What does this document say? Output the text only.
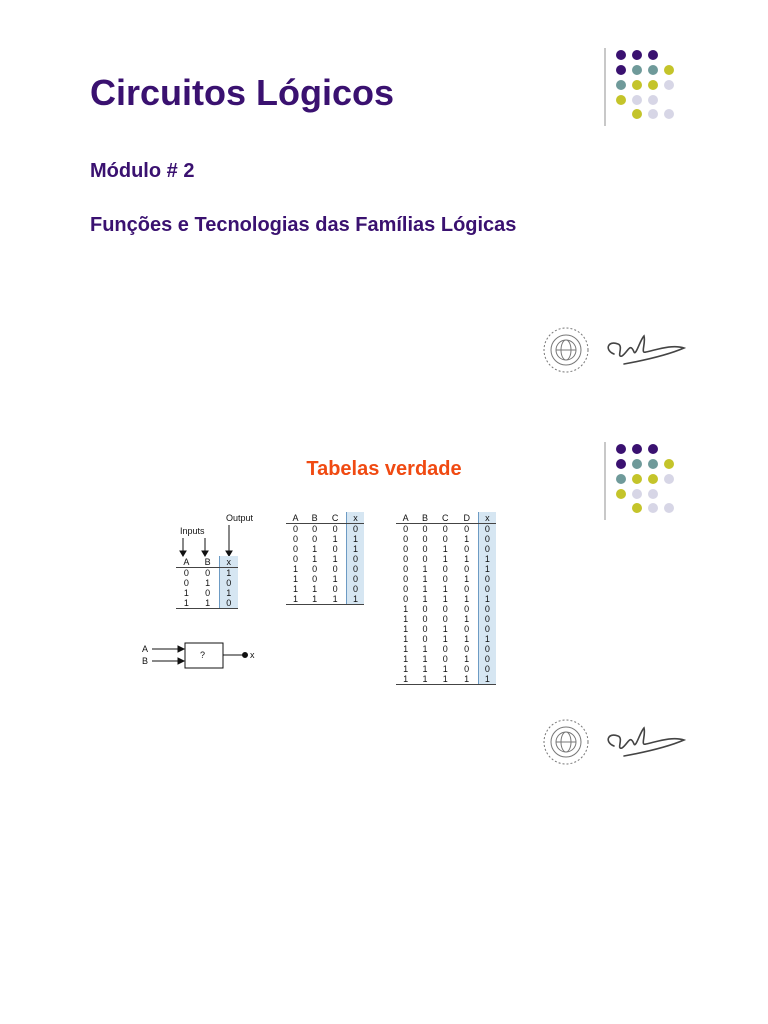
Circuitos Lógicos
Módulo # 2
Funções e Tecnologias das Famílias Lógicas
Tabelas verdade
Inputs
Output
A	B	x
0	0	1
0	1	0
1	0	1
1	1	0
A	B	C	x
0	0	0	0
0	0	1	1
0	1	0	1
0	1	1	0
1	0	0	0
1	0	1	0
1	1	0	0
1	1	1	1
A	B	C	D	x
0	0	0	0	0
0	0	0	1	0
0	0	1	0	0
0	0	1	1	1
0	1	0	0	1
0	1	0	1	0
0	1	1	0	0
0	1	1	1	1
1	0	0	0	0
1	0	0	1	0
1	0	1	0	0
1	0	1	1	1
1	1	0	0	0
1	1	0	1	0
1	1	1	0	0
1	1	1	1	1
A
B
?	x
